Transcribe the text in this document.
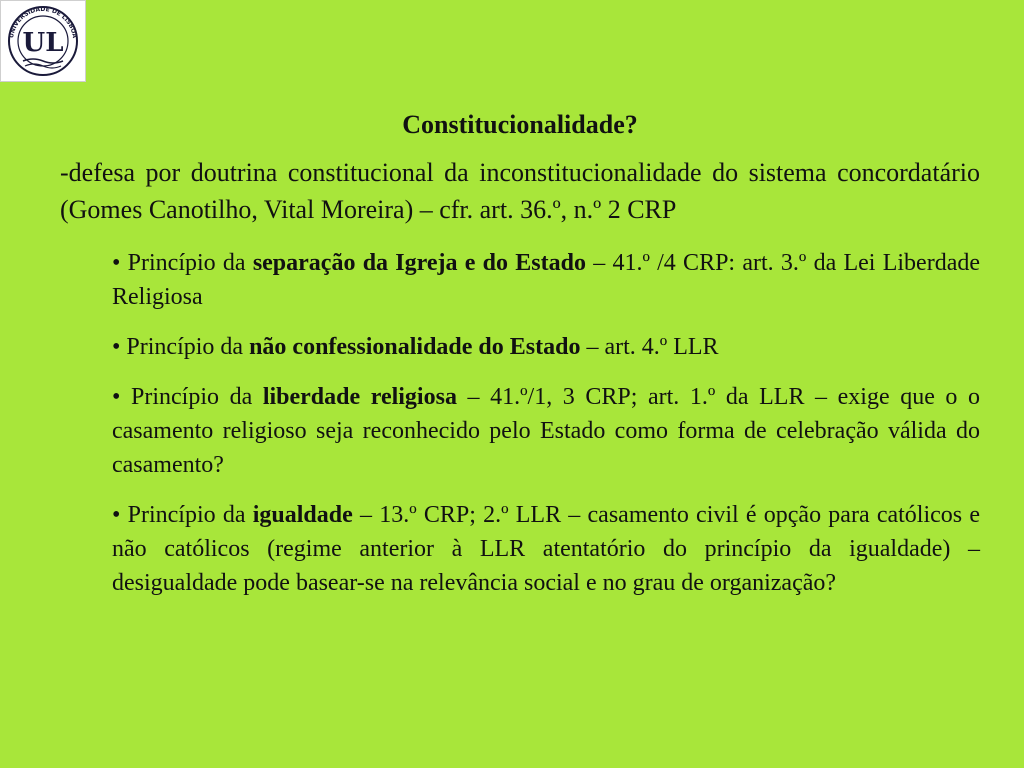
UNIVERSIDADE DE LISBOA
UL
Constitucionalidade?
-defesa por doutrina constitucional da inconstitucionalidade do sistema concordatário (Gomes Canotilho, Vital Moreira) – cfr. art. 36.º, n.º 2 CRP
• Princípio da separação da Igreja e do Estado – 41.º /4 CRP: art. 3.º da Lei Liberdade Religiosa
• Princípio da não confessionalidade do Estado – art. 4.º LLR
• Princípio da liberdade religiosa – 41.º/1, 3 CRP; art. 1.º da LLR – exige que o o casamento religioso seja reconhecido pelo Estado como forma de celebração válida do casamento?
• Princípio da igualdade – 13.º CRP; 2.º LLR – casamento civil é opção para católicos e não católicos (regime anterior à LLR atentatório do princípio da igualdade) – desigualdade pode basear-se na relevância social e no grau de organização?
